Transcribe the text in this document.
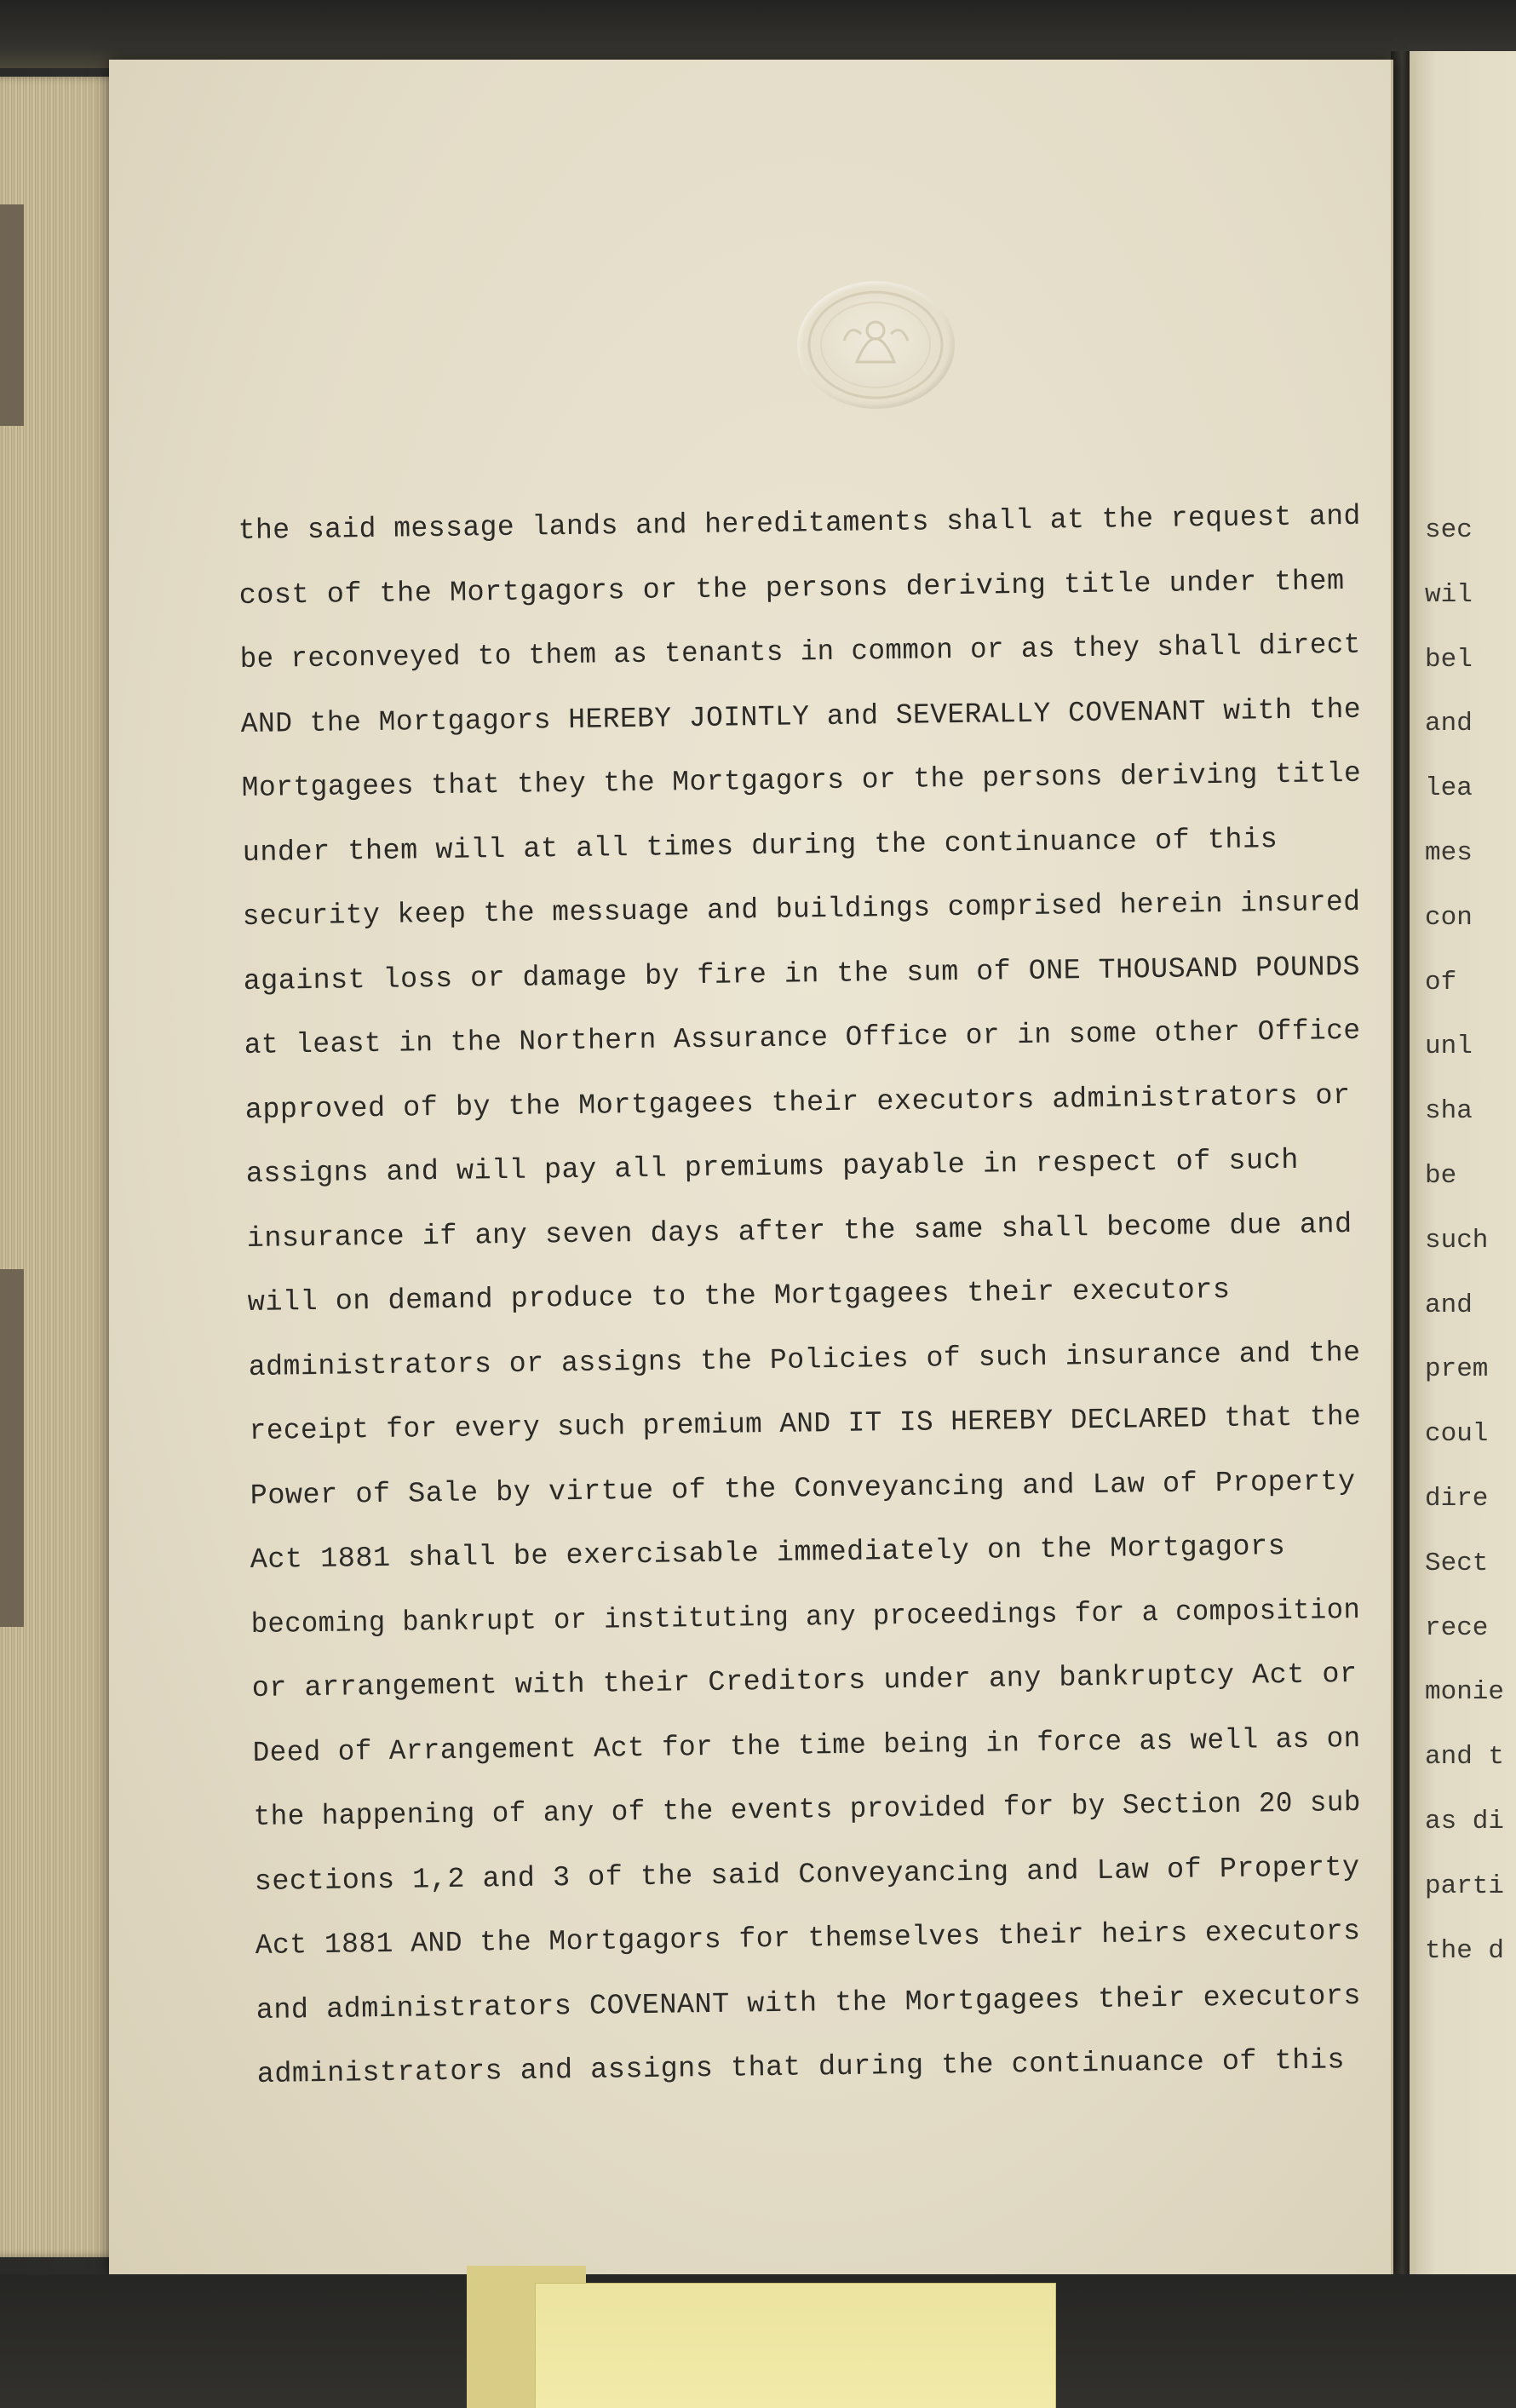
sec
wil
bel
and
lea
mes
con
of
unl
sha
be
such
and
prem
coul
dire
Sect
rece
monie
and t
as di
parti
the d
the said message lands and hereditaments shall at the request and
cost of the Mortgagors or the persons deriving title under them
be reconveyed to them as tenants in common or as they shall direct
AND the Mortgagors HEREBY JOINTLY and SEVERALLY COVENANT with the
Mortgagees that they the Mortgagors or the persons deriving title
under them will at all times during the continuance of this
security keep the messuage and buildings comprised herein insured
against loss or damage by fire in the sum of ONE THOUSAND POUNDS
at least in the Northern Assurance Office or in some other Office
approved of by the Mortgagees their executors administrators or
assigns and will pay all premiums payable in respect of such
insurance if any seven days after the same shall become due and
will on demand produce to the Mortgagees their executors
administrators or assigns the Policies of such insurance and the
receipt for every such premium AND IT IS HEREBY DECLARED that the
Power of Sale by virtue of the Conveyancing and Law of Property
Act 1881 shall be exercisable immediately on the Mortgagors
becoming bankrupt or instituting any proceedings for a composition
or arrangement with their Creditors under any bankruptcy Act or
Deed of Arrangement Act for the time being in force as well as on
the happening of any of the events provided for by Section 20 sub
sections 1,2 and 3 of the said Conveyancing and Law of Property
Act 1881 AND the Mortgagors for themselves their heirs executors
and administrators COVENANT with the Mortgagees their executors
administrators and assigns that during the continuance of this
